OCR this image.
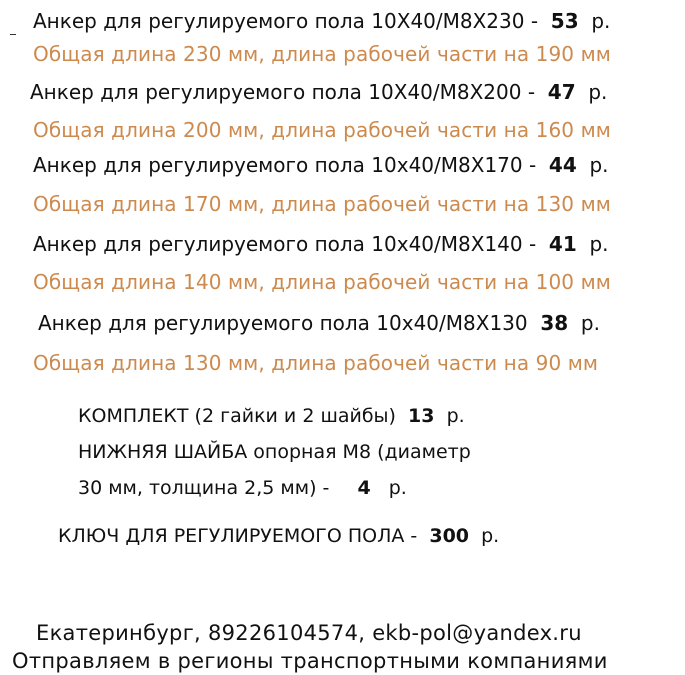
Анкер для регулируемого пола 10X40/M8X230 - 53 р.
Общая длина 230 мм, длина рабочей части на 190 мм
Анкер для регулируемого пола 10X40/M8X200 - 47 р.
Общая длина 200 мм, длина рабочей части на 160 мм
Анкер для регулируемого пола 10x40/M8X170 - 44 р.
Общая длина 170 мм, длина рабочей части на 130 мм
Анкер для регулируемого пола 10x40/M8X140 - 41 р.
Общая длина 140 мм, длина рабочей части на 100 мм
Анкер для регулируемого пола 10x40/M8X130 38 р.
Общая длина 130 мм, длина рабочей части на 90 мм
КОМПЛЕКТ (2 гайки и 2 шайбы) 13 р.
НИЖНЯЯ ШАЙБА опорная М8 (диаметр
30 мм, толщина 2,5 мм) - 4 р.
КЛЮЧ ДЛЯ РЕГУЛИРУЕМОГО ПОЛА - 300 р.
Екатеринбург, 89226104574, ekb-pol@yandex.ru
Отправляем в регионы транспортными компаниями
